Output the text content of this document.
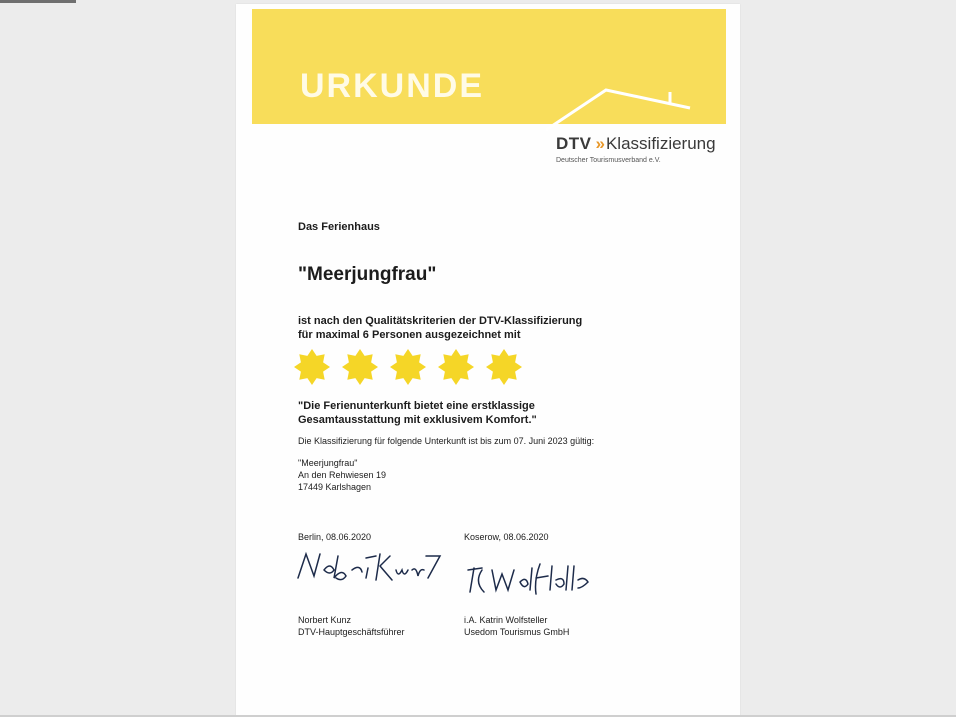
URKUNDE
DTV » Klassifizierung
Deutscher Tourismusverband e.V.
Das Ferienhaus
"Meerjungfrau"
ist nach den Qualitätskriterien der DTV-Klassifizierung
für maximal 6 Personen ausgezeichnet mit
"Die Ferienunterkunft bietet eine erstklassige
Gesamtausstattung mit exklusivem Komfort."
Die Klassifizierung für folgende Unterkunft ist bis zum 07. Juni 2023 gültig:
"Meerjungfrau"
An den Rehwiesen 19
17449 Karlshagen
Berlin, 08.06.2020	Koserow, 08.06.2020
Norbert Kunz
DTV-Hauptgeschäftsführer
i.A. Katrin Wolfsteller
Usedom Tourismus GmbH
